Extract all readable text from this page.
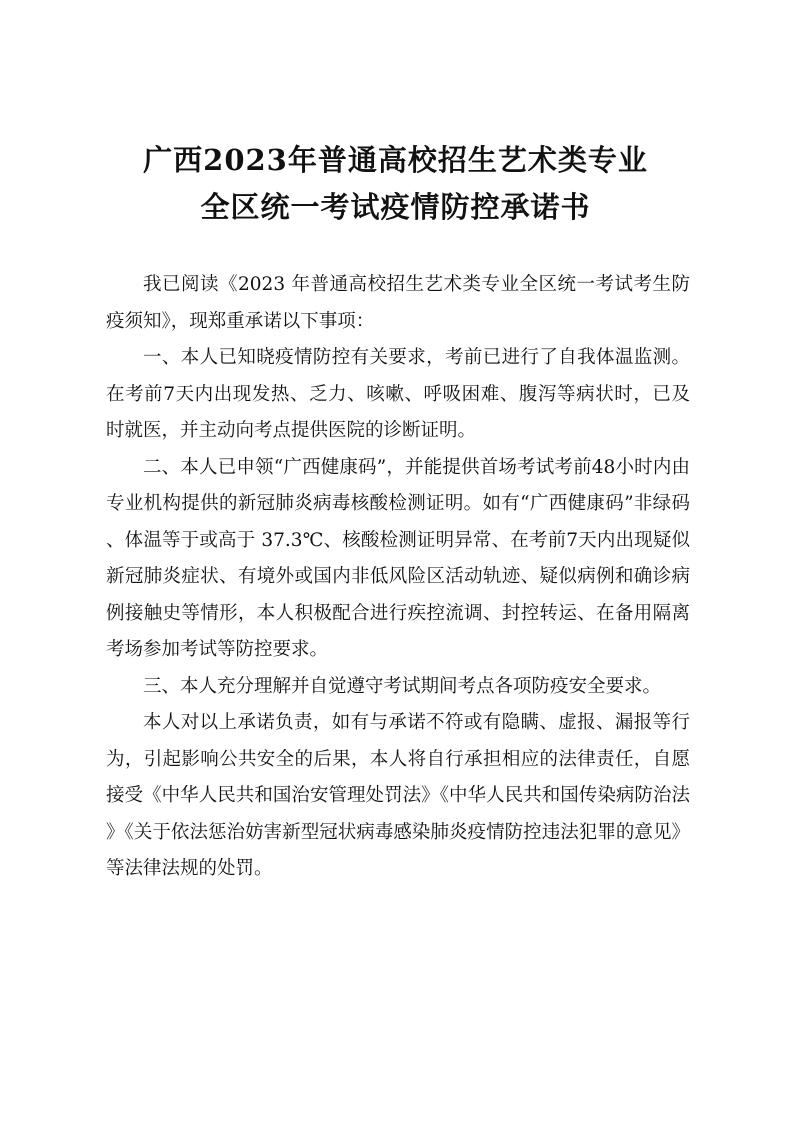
广西2023年普通高校招生艺术类专业
全区统一考试疫情防控承诺书

我已阅读《2023 年普通高校招生艺术类专业全区统一考试考生防疫须知》，现郑重承诺以下事项：

一、本人已知晓疫情防控有关要求，考前已进行了自我体温监测。在考前7天内出现发热、乏力、咳嗽、呼吸困难、腹泻等病状时，已及时就医，并主动向考点提供医院的诊断证明。

二、本人已申领“广西健康码”，并能提供首场考试考前48小时内由专业机构提供的新冠肺炎病毒核酸检测证明。如有“广西健康码”非绿码、体温等于或高于 37.3℃、核酸检测证明异常、在考前7天内出现疑似新冠肺炎症状、有境外或国内非低风险区活动轨迹、疑似病例和确诊病例接触史等情形，本人积极配合进行疾控流调、封控转运、在备用隔离考场参加考试等防控要求。

三、本人充分理解并自觉遵守考试期间考点各项防疫安全要求。

本人对以上承诺负责，如有与承诺不符或有隐瞒、虚报、漏报等行为，引起影响公共安全的后果，本人将自行承担相应的法律责任，自愿接受《中华人民共和国治安管理处罚法》《中华人民共和国传染病防治法》《关于依法惩治妨害新型冠状病毒感染肺炎疫情防控违法犯罪的意见》等法律法规的处罚。
